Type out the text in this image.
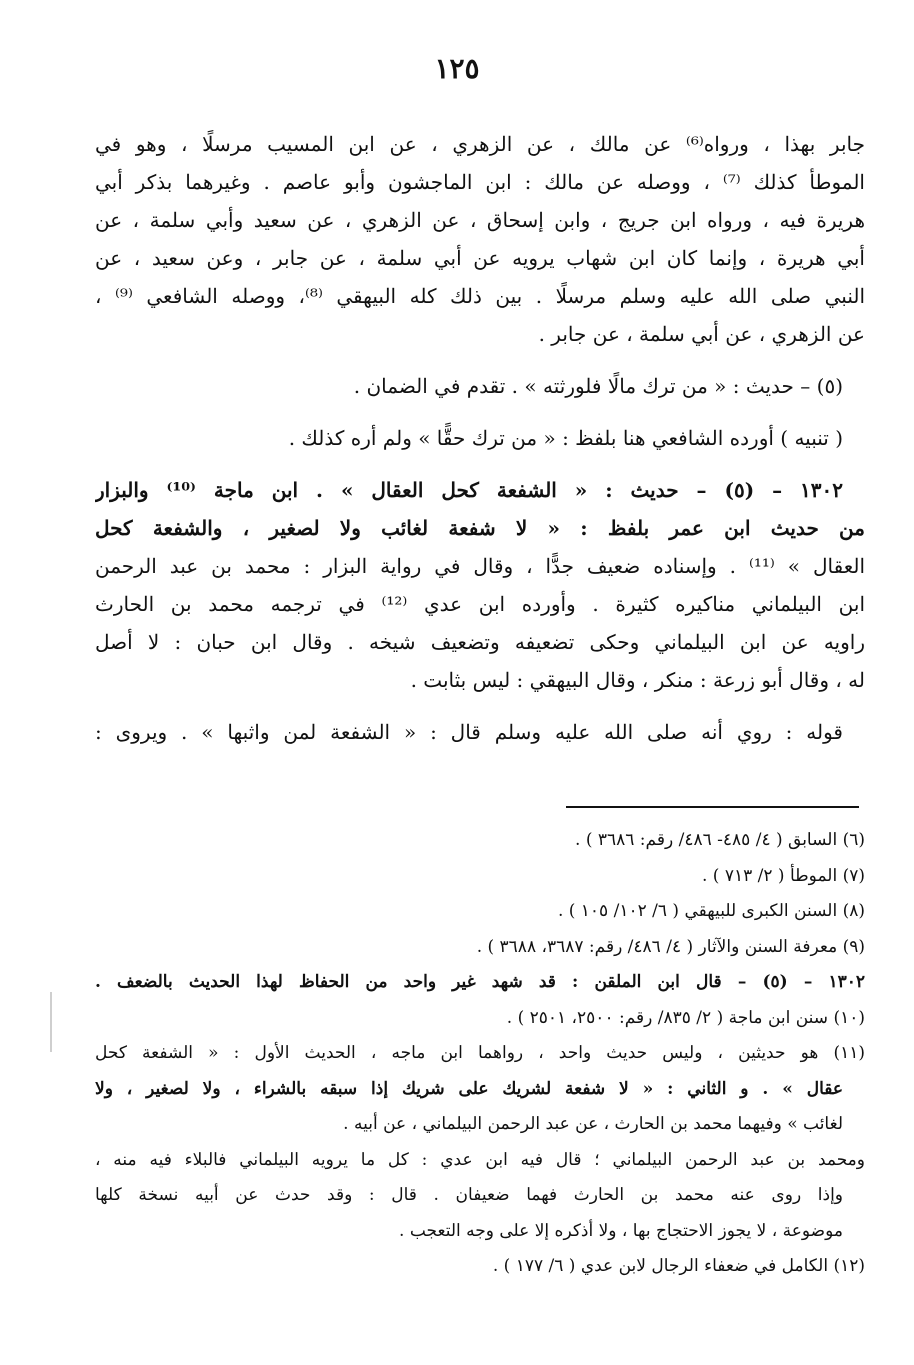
١٢٥
جابر بهذا ، ورواه⁽⁶⁾ عن مالك ، عن الزهري ، عن ابن المسيب مرسلًا ، وهو في
الموطأ كذلك ⁽⁷⁾ ، ووصله عن مالك : ابن الماجشون وأبو عاصم . وغيرهما بذكر أبي
هريرة فيه ، ورواه ابن جريج ، وابن إسحاق ، عن الزهري ، عن سعيد وأبي سلمة ، عن
أبي هريرة ، وإنما كان ابن شهاب يرويه عن أبي سلمة ، عن جابر ، وعن سعيد ، عن
النبي صلى الله عليه وسلم مرسلًا . بين ذلك كله البيهقي ⁽⁸⁾، ووصله الشافعي ⁽⁹⁾ ،
عن الزهري ، عن أبي سلمة ، عن جابر .
(٥) – حديث : « من ترك مالًا فلورثته » . تقدم في الضمان .
( تنبيه ) أورده الشافعي هنا بلفظ : « من ترك حقًّا » ولم أره كذلك .
١٣٠٢ – (٥) – حديث : « الشفعة كحل العقال » . ابن ماجة ⁽¹⁰⁾ والبزار
من حديث ابن عمر بلفظ : « لا شفعة لغائب ولا لصغير ، والشفعة كحل
العقال » ⁽¹¹⁾ . وإسناده ضعيف جدًّا ، وقال في رواية البزار : محمد بن عبد الرحمن
ابن البيلماني مناكيره كثيرة . وأورده ابن عدي ⁽¹²⁾ في ترجمه محمد بن الحارث
راويه عن ابن البيلماني وحكى تضعيفه وتضعيف شيخه . وقال ابن حبان : لا أصل
له ، وقال أبو زرعة : منكر ، وقال البيهقي : ليس بثابت .
قوله : روي أنه صلى الله عليه وسلم قال : « الشفعة لمن واثبها » . ويروى :
(٦) السابق ( ٤/ ٤٨٥- ٤٨٦/ رقم: ٣٦٨٦ ) .
(٧) الموطأ ( ٢/ ٧١٣ ) .
(٨) السنن الكبرى للبيهقي ( ٦/ ١٠٢/ ١٠٥ ) .
(٩) معرفة السنن والآثار ( ٤/ ٤٨٦/ رقم: ٣٦٨٧، ٣٦٨٨ ) .
١٣٠٢ – (٥) – قال ابن الملقن : قد شهد غير واحد من الحفاظ لهذا الحديث بالضعف .
(١٠) سنن ابن ماجة ( ٢/ ٨٣٥/ رقم: ٢٥٠٠، ٢٥٠١ ) .
(١١) هو حديثين ، وليس حديث واحد ، رواهما ابن ماجه ، الحديث الأول : « الشفعة كحل
عقال » . و الثاني : « لا شفعة لشريك على شريك إذا سبقه بالشراء ، ولا لصغير ، ولا
لغائب » وفيهما محمد بن الحارث ، عن عبد الرحمن البيلماني ، عن أبيه .
ومحمد بن عبد الرحمن البيلماني ؛ قال فيه ابن عدي : كل ما يرويه البيلماني فالبلاء فيه منه ،
وإذا روى عنه محمد بن الحارث فهما ضعيفان . قال : وقد حدث عن أبيه نسخة كلها
موضوعة ، لا يجوز الاحتجاج بها ، ولا أذكره إلا على وجه التعجب .
(١٢) الكامل في ضعفاء الرجال لابن عدي ( ٦/ ١٧٧ ) .
